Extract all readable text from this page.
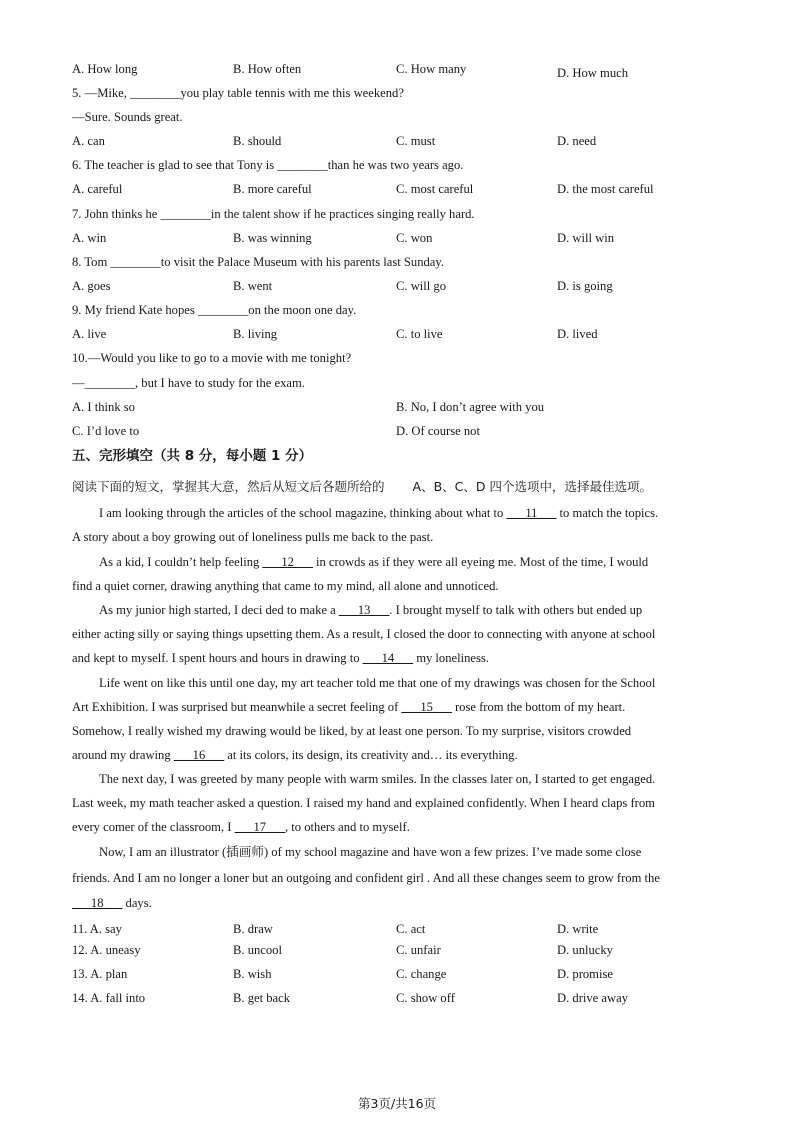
A. How long	B. How often	C. How many	D. How much
5. —Mike, ________you play table tennis with me this weekend?
—Sure. Sounds great.
A. can	B. should	C. must	D. need
6. The teacher is glad to see that Tony is ________than he was two years ago.
A. careful	B. more careful	C. most careful	D. the most careful
7. John thinks he ________in the talent show if he practices singing really hard.
A. win	B. was winning	C. won	D. will win
8. Tom ________to visit the Palace Museum with his parents last Sunday.
A. goes	B. went	C. will go	D. is going
9. My friend Kate hopes ________on the moon one day.
A. live	B. living	C. to live	D. lived
10.—Would you like to go to a movie with me tonight?
—________, but I have to study for the exam.
A. I think so	B. No, I don’t agree with you
C. I’d love to	D. Of course not
五、完形填空（共 8 分，每小题 1 分）
阅读下面的短文，掌握其大意，然后从短文后各题所给的 A、B、C、D 四个选项中，选择最佳选项。
I am looking through the articles of the school magazine, thinking about what to ___11___ to match the topics.
A story about a boy growing out of loneliness pulls me back to the past.
As a kid, I couldn’t help feeling ___12___ in crowds as if they were all eyeing me. Most of the time, I would
find a quiet corner, drawing anything that came to my mind, all alone and unnoticed.
As my junior high started, I deci ded to make a ___13___. I brought myself to talk with others but ended up
either acting silly or saying things upsetting them. As a result, I closed the door to connecting with anyone at school
and kept to myself. I spent hours and hours in drawing to ___14___ my loneliness.
Life went on like this until one day, my art teacher told me that one of my drawings was chosen for the School
Art Exhibition. I was surprised but meanwhile a secret feeling of ___15___ rose from the bottom of my heart.
Somehow, I really wished my drawing would be liked, by at least one person. To my surprise, visitors crowded
around my drawing ___16___ at its colors, its design, its creativity and… its everything.
The next day, I was greeted by many people with warm smiles. In the classes later on, I started to get engaged.
Last week, my math teacher asked a question. I raised my hand and explained confidently. When I heard claps from
every comer of the classroom, I ___17___, to others and to myself.
Now, I am an illustrator (插画师) of my school magazine and have won a few prizes. I’ve made some close
friends. And I am no longer a loner but an outgoing and confident girl . And all these changes seem to grow from the
___18___ days.
11. A. say	B. draw	C. act	D. write
12. A. uneasy	B. uncool	C. unfair	D. unlucky
13. A. plan	B. wish	C. change	D. promise
14. A. fall into	B. get back	C. show off	D. drive away
第3页/共16页
